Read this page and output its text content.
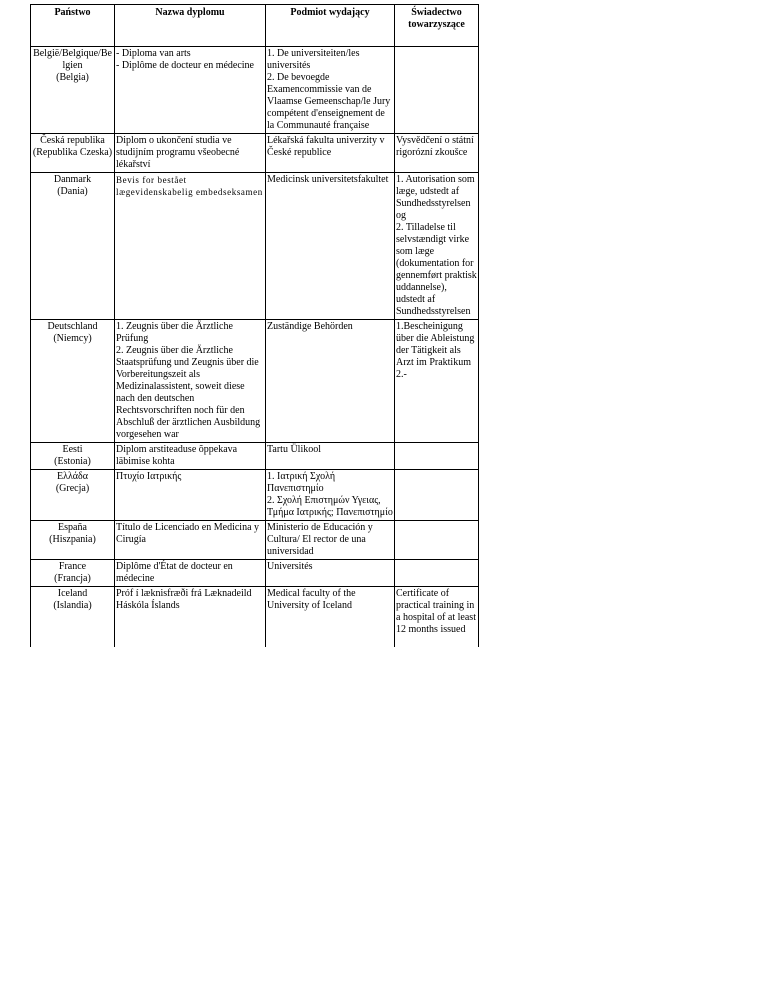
Państwo	Nazwa dyplomu	Podmiot wydający	Świadectwo towarzyszące

België/Belgique/Belgien
(Belgia)	- Diploma van arts
- Diplôme de docteur en médecine	1. De universiteiten/les universités
2. De bevoegde Examencommissie van de Vlaamse Gemeenschap/le Jury compétent d'enseignement de la Communauté française	

Česká republika
(Republika Czeska)	Diplom o ukončení studia ve studijním programu všeobecné lékařství	Lékařská fakulta univerzity v České republice	Vysvědčení o státní rigorózní zkoušce

Danmark
(Dania)	Bevis for bestået lægevidenskabelig embedseksamen	Medicinsk universitetsfakultet	1. Autorisation som læge, udstedt af Sundhedsstyrelsen og
2. Tilladelse til selvstændigt virke som læge (dokumentation for gennemført praktisk uddannelse), udstedt af Sundhedsstyrelsen

Deutschland
(Niemcy)	1. Zeugnis über die Ärztliche Prüfung
2. Zeugnis über die Ärztliche Staatsprüfung und Zeugnis über die Vorbereitungszeit als Medizinalassistent, soweit diese nach den deutschen Rechtsvorschriften noch für den Abschluß der ärztlichen Ausbildung vorgesehen war	Zuständige Behörden	1.Bescheinigung über die Ableistung der Tätigkeit als Arzt im Praktikum
2.-

Eesti
(Estonia)	Diplom arstiteaduse õppekava läbimise kohta	Tartu Ülikool	

Ελλάδα
(Grecja)	Πτυχίο Ιατρικής	1. Ιατρική Σχολή Πανεπιστημίο
2. Σχολή Επιστημών Υγειας, Τμήμα Ιατρικής; Πανεπιστημίο	

España
(Hiszpania)	Título de Licenciado en Medicina y Cirugía	Ministerio de Educación y Cultura/ El rector de una universidad	

France
(Francja)	Diplôme d'État de docteur en médecine	Universités	

Iceland
(Islandia)	Próf í læknisfræði frá Læknadeild Háskóla Íslands	Medical faculty of the University of Iceland	Certificate of practical training in a hospital of at least 12 months issued
